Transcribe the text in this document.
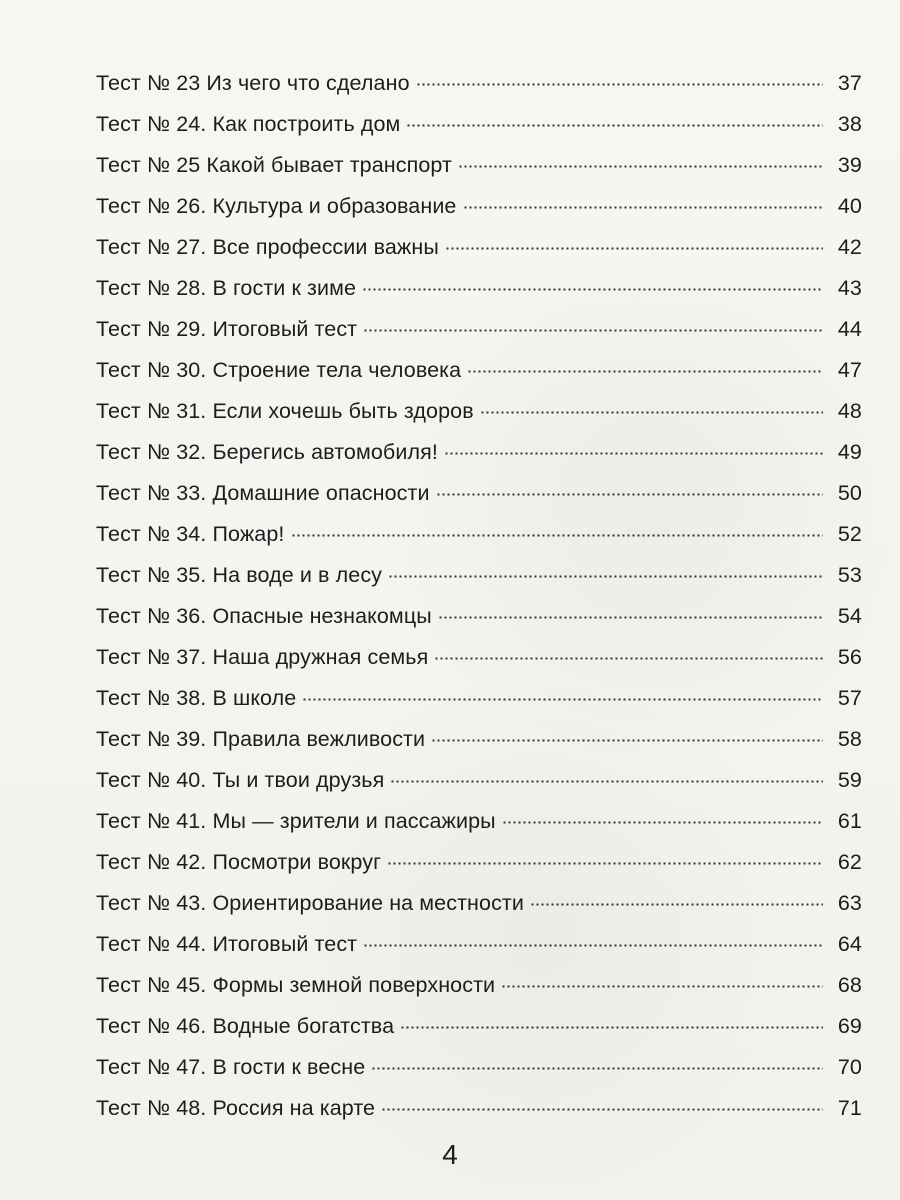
Тест № 23 Из чего что сделано	37
Тест № 24. Как построить дом	38
Тест № 25 Какой бывает транспорт	39
Тест № 26. Культура и образование	40
Тест № 27. Все профессии важны	42
Тест № 28. В гости к зиме	43
Тест № 29. Итоговый тест	44
Тест № 30. Строение тела человека	47
Тест № 31. Если хочешь быть здоров	48
Тест № 32. Берегись автомобиля!	49
Тест № 33. Домашние опасности	50
Тест № 34. Пожар!	52
Тест № 35. На воде и в лесу	53
Тест № 36. Опасные незнакомцы	54
Тест № 37. Наша дружная семья	56
Тест № 38. В школе	57
Тест № 39. Правила вежливости	58
Тест № 40. Ты и твои друзья	59
Тест № 41. Мы — зрители и пассажиры	61
Тест № 42. Посмотри вокруг	62
Тест № 43. Ориентирование на местности	63
Тест № 44. Итоговый тест	64
Тест № 45. Формы земной поверхности	68
Тест № 46. Водные богатства	69
Тест № 47. В гости к весне	70
Тест № 48. Россия на карте	71
4
